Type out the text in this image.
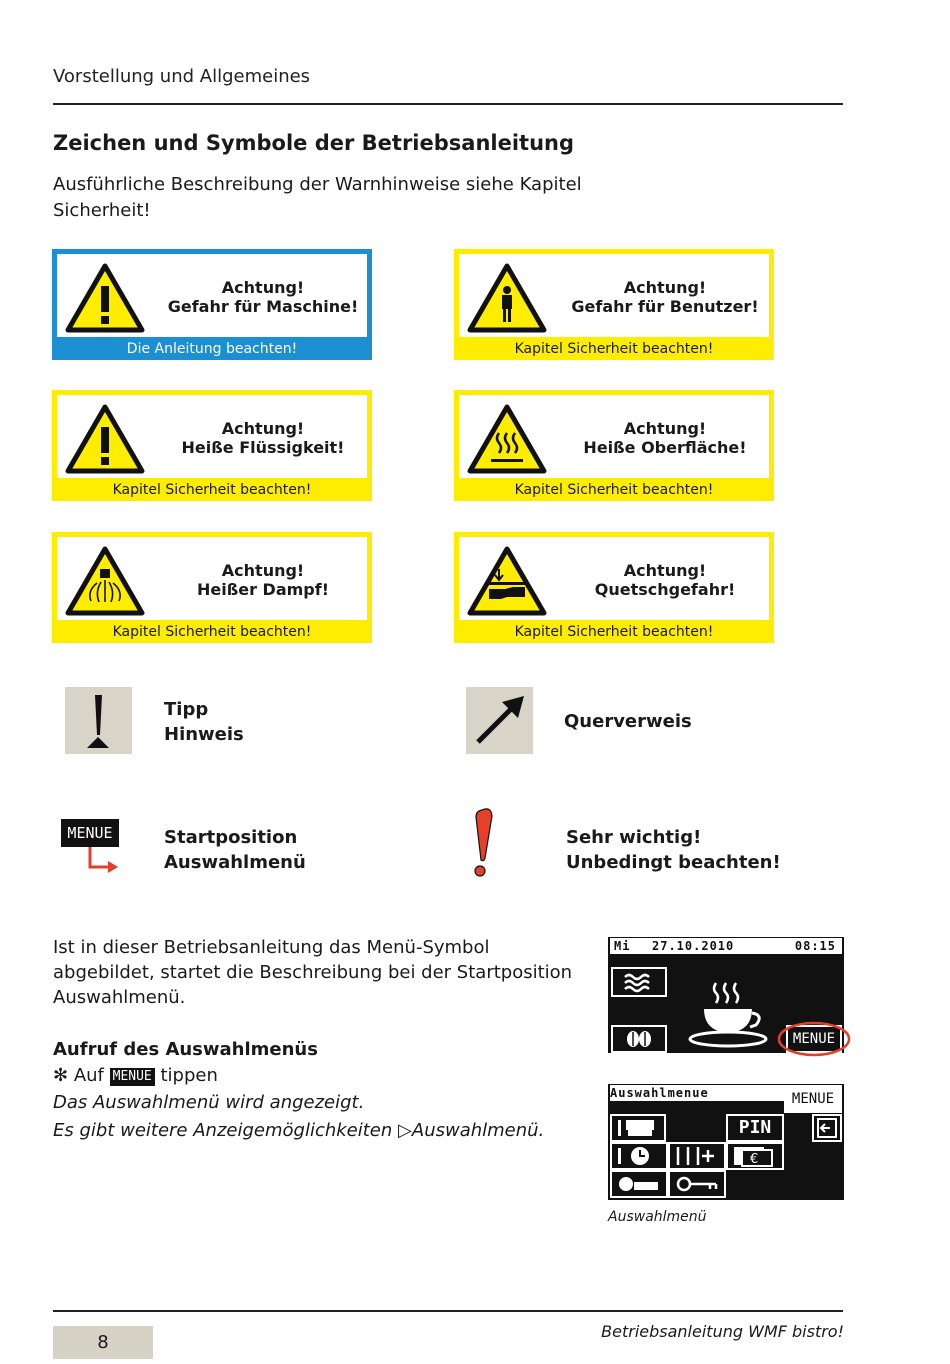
Vorstellung und Allgemeines
Zeichen und Symbole der Betriebsanleitung
Ausführliche Beschreibung der Warnhinweise siehe Kapitel Sicherheit!
Achtung!
Gefahr für Maschine!
Die Anleitung beachten!
Achtung!
Gefahr für Benutzer!
Kapitel Sicherheit beachten!
Achtung!
Heiße Flüssigkeit!
Kapitel Sicherheit beachten!
Achtung!
Heiße Oberfläche!
Kapitel Sicherheit beachten!
Achtung!
Heißer Dampf!
Kapitel Sicherheit beachten!
Achtung!
Quetschgefahr!
Kapitel Sicherheit beachten!
Tipp
Hinweis
Querverweis
MENUE	Startposition
Auswahlmenü
Sehr wichtig!
Unbedingt beachten!
Ist in dieser Betriebsanleitung das Menü-Symbol abgebildet, startet die Beschreibung bei der Startposition Auswahlmenü.
Aufruf des Auswahlmenüs
✻ Auf MENUE tippen
Das Auswahlmenü wird angezeigt.
Es gibt weitere Anzeigemöglichkeiten ▷Auswahlmenü.
Mi 27.10.2010	08:15
MENUE
Auswahlmenue	MENUE
PIN
€
Auswahlmenü
8
Betriebsanleitung WMF bistro!
